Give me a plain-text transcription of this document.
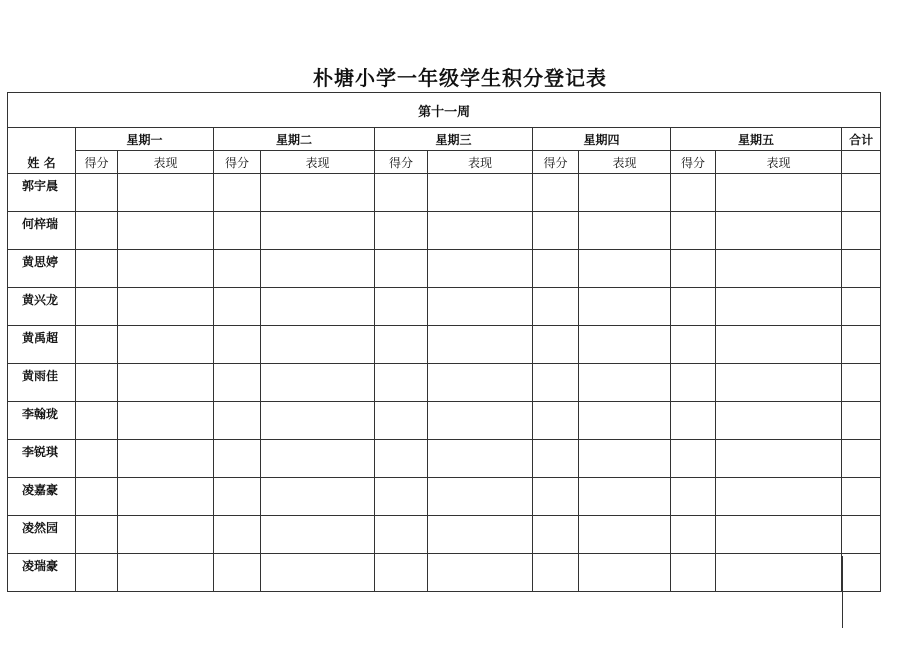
朴塘小学一年级学生积分登记表
第十一周											
姓 名	星期一		星期二		星期三		星期四		星期五		合计
	得分	表现	得分	表现	得分	表现	得分	表现	得分	表现	
郭宇晨											
何梓瑞											
黄思婷											
黄兴龙											
黄禹超											
黄雨佳											
李翰珑											
李锐琪											
凌嘉豪											
凌然园											
凌瑞豪											
